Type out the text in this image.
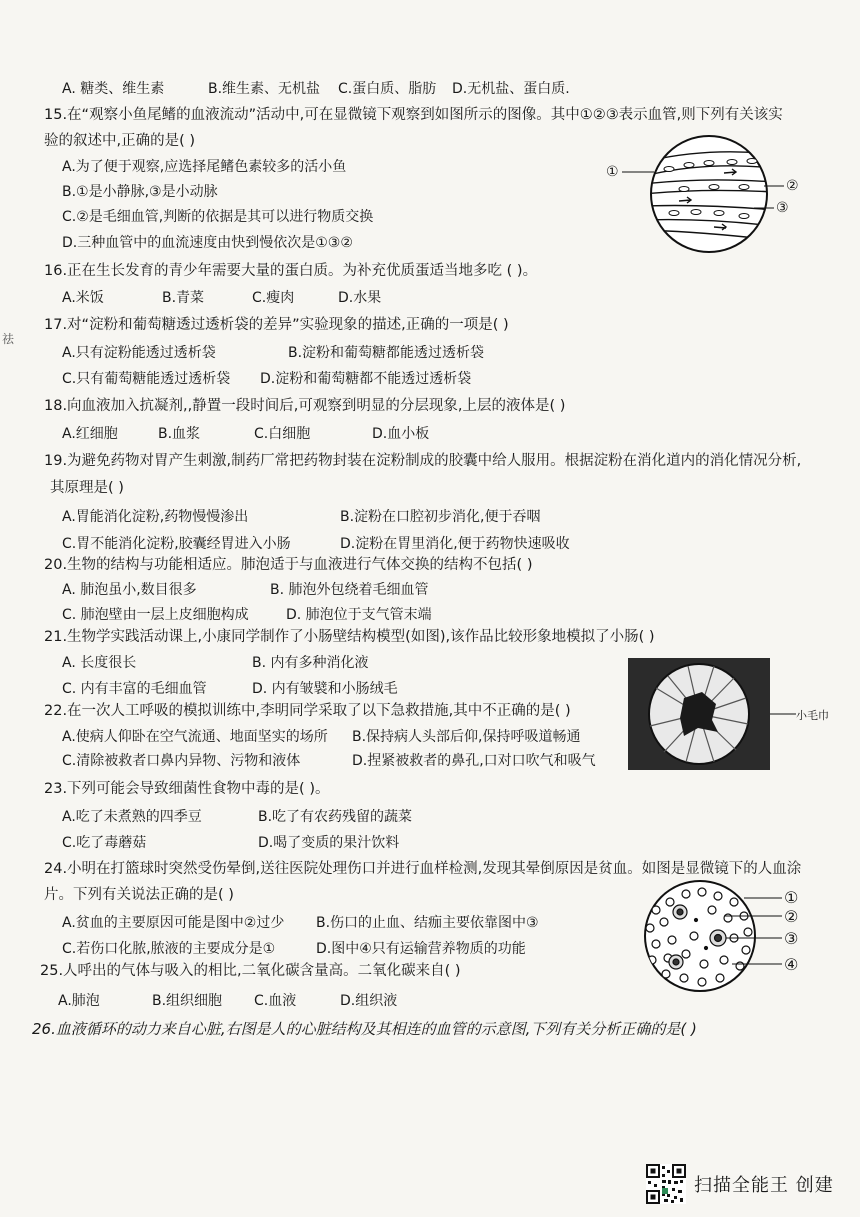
A. 糖类、维生素	B.维生素、无机盐 C.蛋白质、脂肪 D.无机盐、蛋白质.
15.在“观察小鱼尾鳍的血液流动”活动中,可在显微镜下观察到如图所示的图像。其中①②③表示血管,则下列有关该实
验的叙述中,正确的是( )
A.为了便于观察,应选择尾鳍色素较多的活小鱼
B.①是小静脉,③是小动脉
C.②是毛细血管,判断的依据是其可以进行物质交换
D.三种血管中的血流速度由快到慢依次是①③②
①
②
③
16.正在生长发育的青少年需要大量的蛋白质。为补充优质蛋适当地多吃 ( )。
A.米饭	B.青菜	C.瘦肉	D.水果
祛
17.对“淀粉和葡萄糖透过透析袋的差异”实验现象的描述,正确的一项是( )
A.只有淀粉能透过透析袋	B.淀粉和葡萄糖都能透过透析袋
C.只有葡萄糖能透过透析袋 D.淀粉和葡萄糖都不能透过透析袋
18.向血液加入抗凝剂,,静置一段时间后,可观察到明显的分层现象,上层的液体是( )
A.红细胞	B.血浆	C.白细胞	D.血小板
19.为避免药物对胃产生刺激,制药厂常把药物封装在淀粉制成的胶囊中给人服用。根据淀粉在消化道内的消化情况分析,
其原理是( )
A.胃能消化淀粉,药物慢慢渗出	B.淀粉在口腔初步消化,便于吞咽
C.胃不能消化淀粉,胶囊经胃进入小肠	D.淀粉在胃里消化,便于药物快速吸收
20.生物的结构与功能相适应。肺泡适于与血液进行气体交换的结构不包括( )
A. 肺泡虽小,数目很多	B. 肺泡外包绕着毛细血管
C. 肺泡壁由一层上皮细胞构成	D. 肺泡位于支气管末端
21.生物学实践活动课上,小康同学制作了小肠壁结构模型(如图),该作品比较形象地模拟了小肠( )
A. 长度很长	B. 内有多种消化液
C. 内有丰富的毛细血管	D. 内有皱襞和小肠绒毛
小毛巾
22.在一次人工呼吸的模拟训练中,李明同学采取了以下急救措施,其中不正确的是( )
A.使病人仰卧在空气流通、地面坚实的场所 B.保持病人头部后仰,保持呼吸道畅通
C.清除被救者口鼻内异物、污物和液体	D.捏紧被救者的鼻孔,口对口吹气和吸气
23.下列可能会导致细菌性食物中毒的是( )。
A.吃了未煮熟的四季豆	B.吃了有农药残留的蔬菜
C.吃了毒蘑菇	D.喝了变质的果汁饮料
24.小明在打篮球时突然受伤晕倒,送往医院处理伤口并进行血样检测,发现其晕倒原因是贫血。如图是显微镜下的人血涂
片。下列有关说法正确的是( )
A.贫血的主要原因可能是图中②过少 B.伤口的止血、结痂主要依靠图中③
C.若伤口化脓,脓液的主要成分是①	D.图中④只有运输营养物质的功能
①
②
③
④
25.人呼出的气体与吸入的相比,二氧化碳含量高。二氧化碳来自( )
A.肺泡	B.组织细胞 C.血液	D.组织液
26.血液循环的动力来自心脏,右图是人的心脏结构及其相连的血管的示意图,下列有关分析正确的是( )
扫描全能王 创建
